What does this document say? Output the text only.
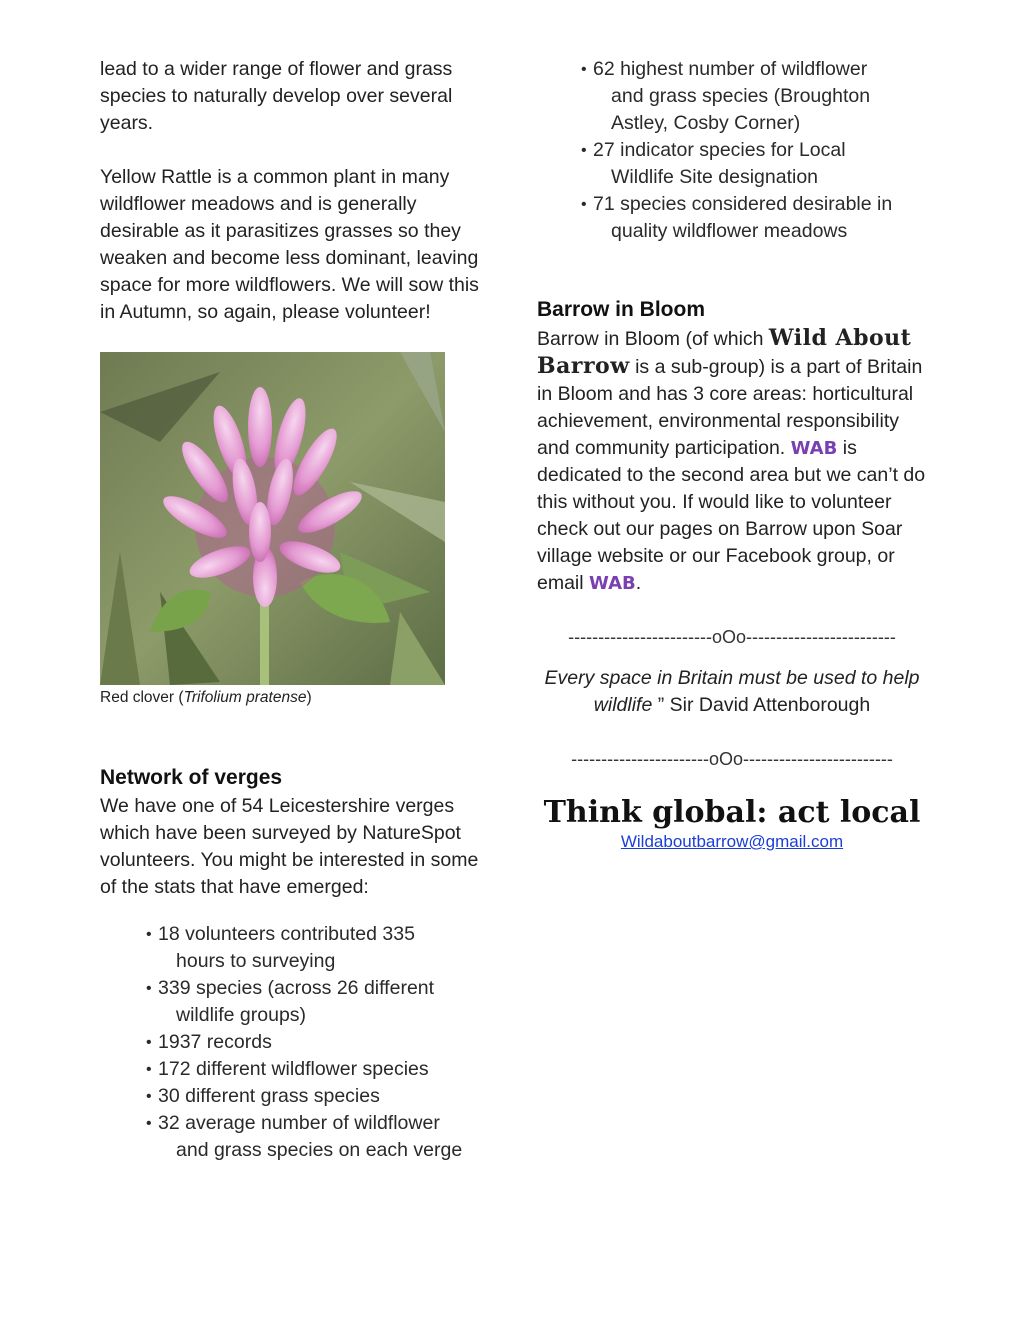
lead to a wider range of flower and grass species to naturally develop over several years.

Yellow Rattle is a common plant in many wildflower meadows and is generally desirable as it parasitizes grasses so they weaken and become less dominant, leaving space for more wildflowers. We will sow this in Autumn, so again, please volunteer!

Red clover (Trifolium pratense)
Network of verges

We have one of 54 Leicestershire verges which have been surveyed by NatureSpot volunteers. You might be interested in some of the stats that have emerged:

• 18 volunteers contributed 335
hours to surveying
• 339 species (across 26 different
wildlife groups)
• 1937 records
• 172 different wildflower species
• 30 different grass species
• 32 average number of wildflower
and grass species on each verge
• 62 highest number of wildflower
and grass species (Broughton
Astley, Cosby Corner)
• 27 indicator species for Local
Wildlife Site designation
• 71 species considered desirable in
quality wildflower meadows
Barrow in Bloom

Barrow in Bloom (of which Wild About Barrow is a sub-group) is a part of Britain in Bloom and has 3 core areas: horticultural achievement, environmental responsibility and community participation. WAB is dedicated to the second area but we can’t do this without you. If would like to volunteer check out our pages on Barrow upon Soar village website or our Facebook group, or email WAB.

------------------------oOo-------------------------

Every space in Britain must be used to help wildlife ” Sir David Attenborough

-----------------------oOo-------------------------
Think global: act local
Wildaboutbarrow@gmail.com
